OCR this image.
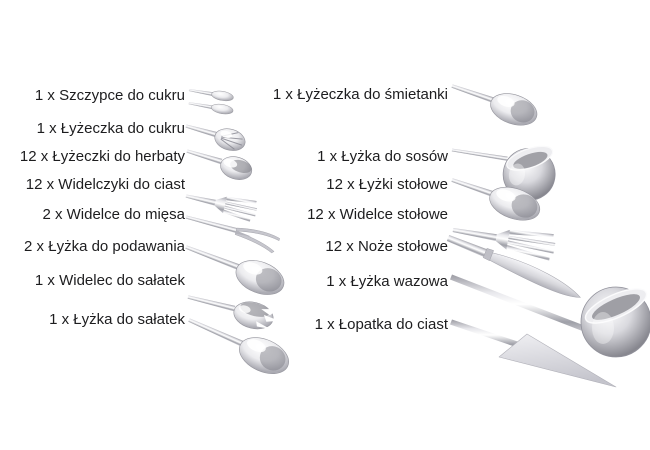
1 x Szczypce do cukru
1 x Łyżeczka do cukru
12 x Łyżeczki do herbaty
12 x Widelczyki do ciast
2 x Widelce do mięsa
2 x Łyżka do podawania
1 x Widelec do sałatek
1 x Łyżka do sałatek
1 x Łyżeczka do śmietanki
1 x Łyżka do sosów
12 x Łyżki stołowe
12 x Widelce stołowe
12 x Noże stołowe
1 x Łyżka wazowa
1 x Łopatka do ciast
